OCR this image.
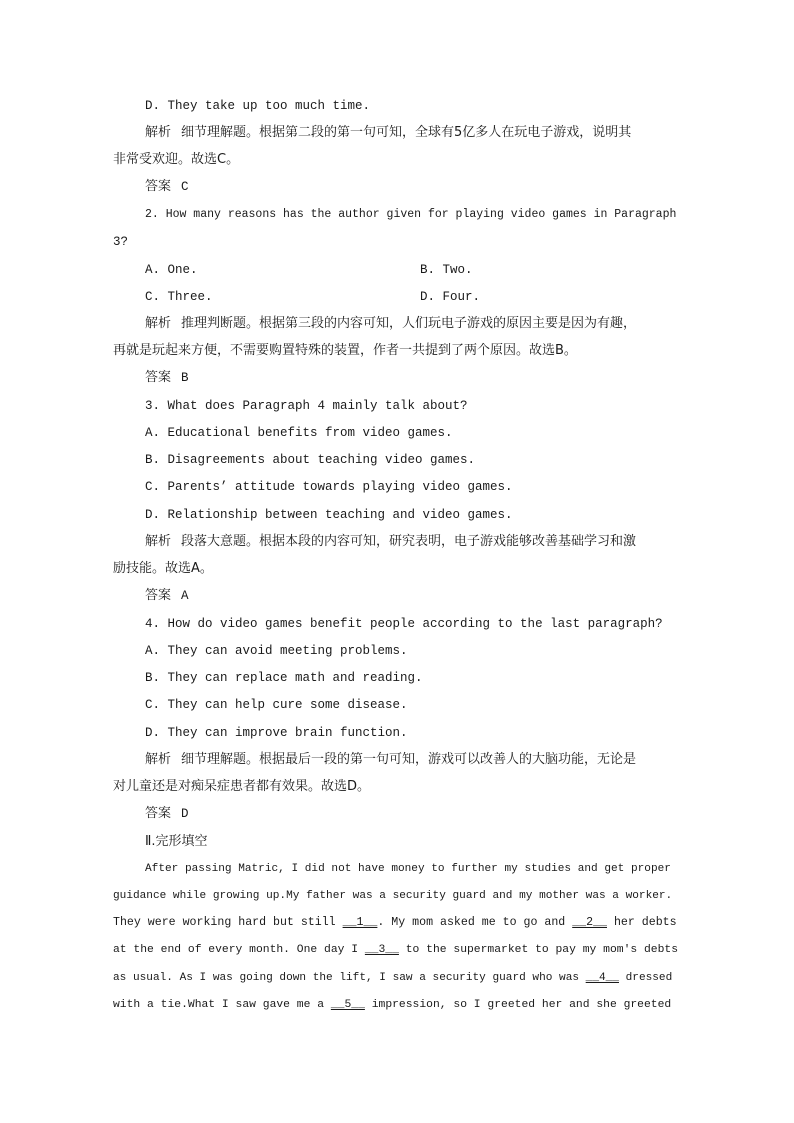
D. They take up too much time.
解析 细节理解题。根据第二段的第一句可知，全球有5亿多人在玩电子游戏，说明其
非常受欢迎。故选C。
答案 C
2. How many reasons has the author given for playing video games in Paragraph
3?
A. One.	B. Two.
C. Three.	D. Four.
解析 推理判断题。根据第三段的内容可知，人们玩电子游戏的原因主要是因为有趣，
再就是玩起来方便，不需要购置特殊的装置，作者一共提到了两个原因。故选B。
答案 B
3. What does Paragraph 4 mainly talk about?
A. Educational benefits from video games.
B. Disagreements about teaching video games.
C. Parents’ attitude towards playing video games.
D. Relationship between teaching and video games.
解析 段落大意题。根据本段的内容可知，研究表明，电子游戏能够改善基础学习和激
励技能。故选A。
答案 A
4. How do video games benefit people according to the last paragraph?
A. They can avoid meeting problems.
B. They can replace math and reading.
C. They can help cure some disease.
D. They can improve brain function.
解析 细节理解题。根据最后一段的第一句可知，游戏可以改善人的大脑功能，无论是
对儿童还是对痴呆症患者都有效果。故选D。
答案 D
Ⅱ.完形填空
After passing Matric, I did not have money to further my studies and get proper
guidance while growing up.My father was a security guard and my mother was a worker.
They were working hard but still __1__. My mom asked me to go and __2__ her debts
at the end of every month. One day I __3__ to the supermarket to pay my mom's debts
as usual. As I was going down the lift, I saw a security guard who was __4__ dressed
with a tie.What I saw gave me a __5__ impression, so I greeted her and she greeted
